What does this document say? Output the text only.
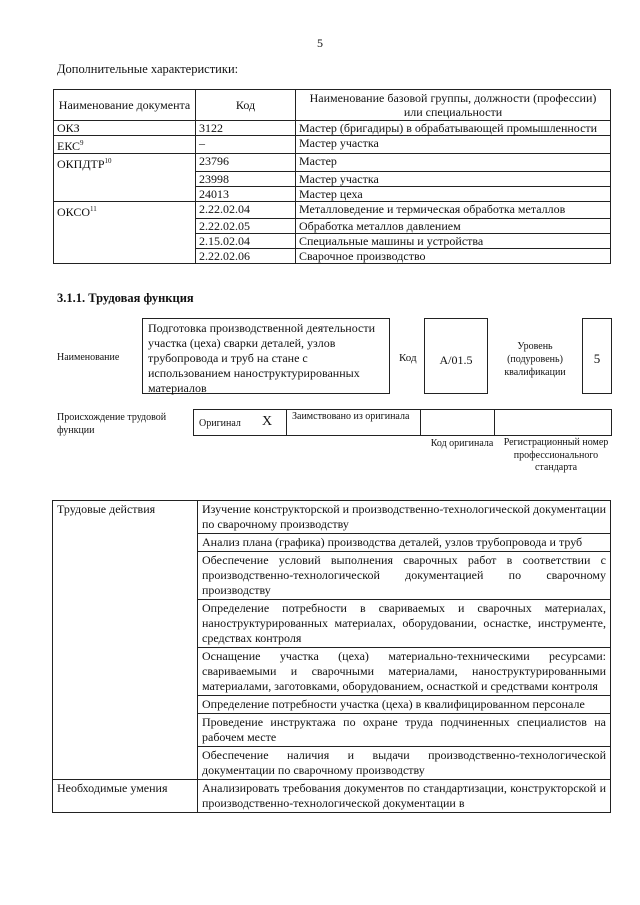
5
Дополнительные характеристики:
Наименование документа	Код	Наименование базовой группы, должности (профессии) или специальности
ОКЗ	3122	Мастер (бригадиры) в обрабатывающей промышленности
ЕКС$^9$	–	Мастер участка
ОКПДТР$^{10}$	23796	Мастер
	23998	Мастер участка
	24013	Мастер цеха
ОКСО$^{11}$	2.22.02.04	Металловедение и термическая обработка металлов
	2.22.02.05	Обработка металлов давлением
	2.15.02.04	Специальные машины и устройства
	2.22.02.06	Сварочное производство
3.1.1. Трудовая функция
Наименование
Подготовка производственной деятельности участка (цеха) сварки деталей, узлов трубопровода и труб на стане с использованием наноструктурированных материалов
Код	А/01.5
Уровень (подуровень) квалификации
5
Происхождение трудовой функции
Оригинал X Заимствовано из оригинала
Код оригинала	Регистрационный номер профессионального стандарта
Трудовые действия	Изучение конструкторской и производственно-технологической документации по сварочному производству
	Анализ плана (графика) производства деталей, узлов трубопровода и труб
	Обеспечение условий выполнения сварочных работ в соответствии с производственно-технологической документацией по сварочному производству
	Определение потребности в свариваемых и сварочных материалах, наноструктурированных материалах, оборудовании, оснастке, инструменте, средствах контроля
	Оснащение участка (цеха) материально-техническими ресурсами: свариваемыми и сварочными материалами, наноструктурированными материалами, заготовками, оборудованием, оснасткой и средствами контроля
	Определение потребности участка (цеха) в квалифицированном персонале
	Проведение инструктажа по охране труда подчиненных специалистов на рабочем месте
	Обеспечение наличия и выдачи производственно-технологической документации по сварочному производству
Необходимые умения	Анализировать требования документов по стандартизации, конструкторской и производственно-технологической документации в
